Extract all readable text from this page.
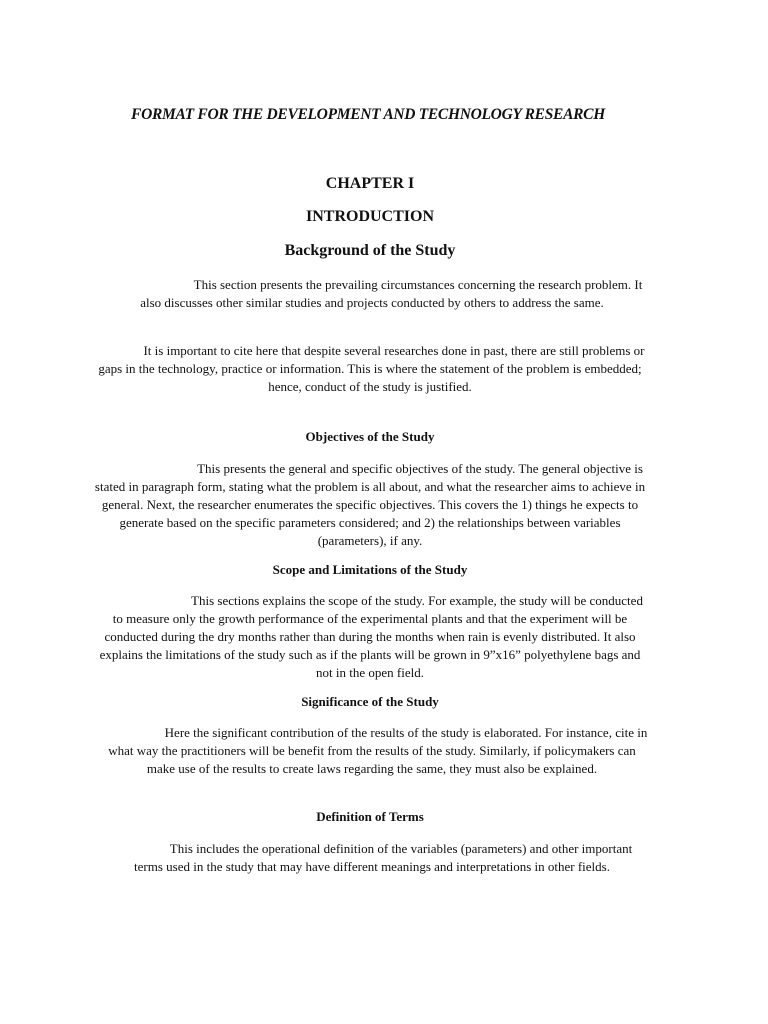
FORMAT FOR THE DEVELOPMENT AND TECHNOLOGY RESEARCH
CHAPTER I
INTRODUCTION
Background of the Study

This section presents the prevailing circumstances concerning the research problem. It also discusses other similar studies and projects conducted by others to address the same.

It is important to cite here that despite several researches done in past, there are still problems or gaps in the technology, practice or information. This is where the statement of the problem is embedded; hence, conduct of the study is justified.

Objectives of the Study

This presents the general and specific objectives of the study. The general objective is stated in paragraph form, stating what the problem is all about, and what the researcher aims to achieve in general. Next, the researcher enumerates the specific objectives. This covers the 1) things he expects to generate based on the specific parameters considered; and 2) the relationships between variables (parameters), if any.

Scope and Limitations of the Study

This sections explains the scope of the study. For example, the study will be conducted to measure only the growth performance of the experimental plants and that the experiment will be conducted during the dry months rather than during the months when rain is evenly distributed. It also explains the limitations of the study such as if the plants will be grown in 9”x16” polyethylene bags and not in the open field.

Significance of the Study

Here the significant contribution of the results of the study is elaborated. For instance, cite in what way the practitioners will be benefit from the results of the study. Similarly, if policymakers can make use of the results to create laws regarding the same, they must also be explained.

Definition of Terms

This includes the operational definition of the variables (parameters) and other important terms used in the study that may have different meanings and interpretations in other fields.
